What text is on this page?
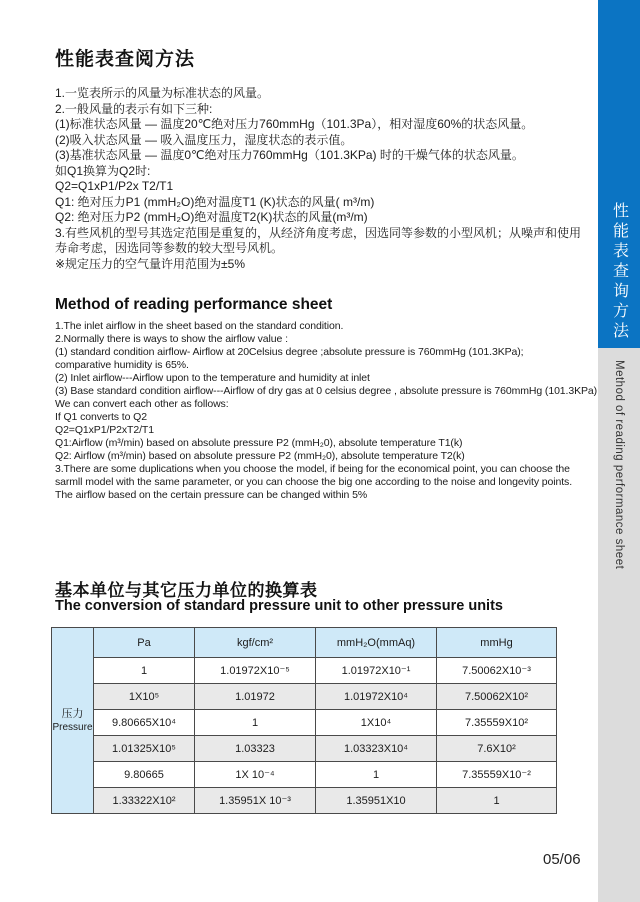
性能表查阅方法
1.一览表所示的风量为标准状态的风量。
2.一般风量的表示有如下三种:
(1)标准状态风量 — 温度20℃绝对压力760mmHg（101.3Pa），相对湿度60%的状态风量。
(2)吸入状态风量 — 吸入温度压力，湿度状态的表示值。
(3)基准状态风量 — 温度0℃绝对压力760mmHg（101.3KPa) 时的干燥气体的状态风量。
如Q1换算为Q2时:
Q2=Q1xP1/P2x T2/T1
Q1: 绝对压力P1 (mmH₂O)绝对温度T1 (K)状态的风量( m³/m)
Q2: 绝对压力P2 (mmH₂O)绝对温度T2(K)状态的风量(m³/m)
3.有些风机的型号其选定范围是重复的，从经济角度考虑，因选同等参数的小型风机；从噪声和使用
寿命考虑，因选同等参数的较大型号风机。
※规定压力的空气量许用范围为±5%
Method of reading performance sheet
1.The inlet airflow in the sheet based on the standard condition.
2.Normally there is ways to show the airflow value :
(1) standard condition airflow- Airflow at 20Celsius degree ;absolute pressure is 760mmHg (101.3KPa);
comparative humidity is 65%.
(2) Inlet airflow---Airflow upon to the temperature and humidity at inlet
(3) Base standard condition airflow---Airflow of dry gas at 0 celsius degree , absolute pressure is 760mmHg (101.3KPa)
We can convert each other as follows:
If Q1 converts to Q2
Q2=Q1xP1/P2xT2/T1
Q1:Airflow (m³/min) based on absolute pressure P2 (mmH₂0), absolute temperature T1(k)
Q2: Airflow (m³/min) based on absolute pressure P2 (mmH₂0), absolute temperature T2(k)
3.There are some duplications when you choose the model, if being for the economical point, you can choose the
sarmll model with the same parameter, or you can choose the big one according to the noise and longevity points.
The airflow based on the certain pressure can be changed within 5%
基本单位与其它压力单位的换算表
The conversion of standard pressure unit to other pressure units
压力
Pressure	Pa	kgf/cm²	mmH₂O(mmAq)	mmHg
	1	1.01972X10⁻⁵	1.01972X10⁻¹	7.50062X10⁻³
	1X10⁵	1.01972	1.01972X10⁴	7.50062X10²
	9.80665X10⁴	1	1X10⁴	7.35559X10²
	1.01325X10⁵	1.03323	1.03323X10⁴	7.6X10²
	9.80665	1X 10⁻⁴	1	7.35559X10⁻²
	1.33322X10²	1.35951X 10⁻³	1.35951X10	1
性能表查询方法
Method of reading performance sheet
05/06
